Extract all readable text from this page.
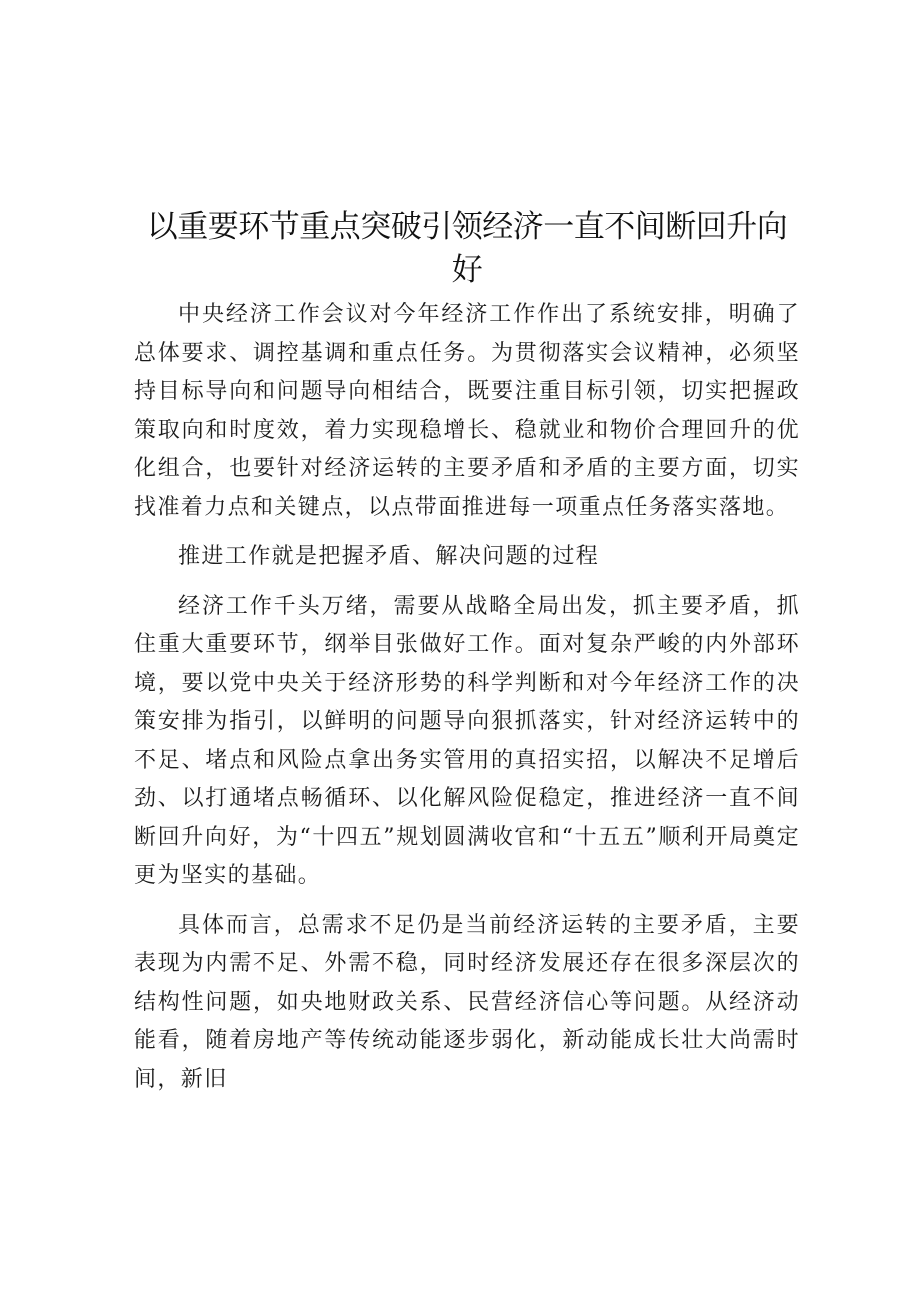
以重要环节重点突破引领经济一直不间断回升向好

中央经济工作会议对今年经济工作作出了系统安排，明确了总体要求、调控基调和重点任务。为贯彻落实会议精神，必须坚持目标导向和问题导向相结合，既要注重目标引领，切实把握政策取向和时度效，着力实现稳增长、稳就业和物价合理回升的优化组合，也要针对经济运转的主要矛盾和矛盾的主要方面，切实找准着力点和关键点，以点带面推进每一项重点任务落实落地。

推进工作就是把握矛盾、解决问题的过程

经济工作千头万绪，需要从战略全局出发，抓主要矛盾，抓住重大重要环节，纲举目张做好工作。面对复杂严峻的内外部环境，要以党中央关于经济形势的科学判断和对今年经济工作的决策安排为指引，以鲜明的问题导向狠抓落实，针对经济运转中的不足、堵点和风险点拿出务实管用的真招实招，以解决不足增后劲、以打通堵点畅循环、以化解风险促稳定，推进经济一直不间断回升向好，为“十四五”规划圆满收官和“十五五”顺利开局奠定更为坚实的基础。

具体而言，总需求不足仍是当前经济运转的主要矛盾，主要表现为内需不足、外需不稳，同时经济发展还存在很多深层次的结构性问题，如央地财政关系、民营经济信心等问题。从经济动能看，随着房地产等传统动能逐步弱化，新动能成长壮大尚需时间，新旧
